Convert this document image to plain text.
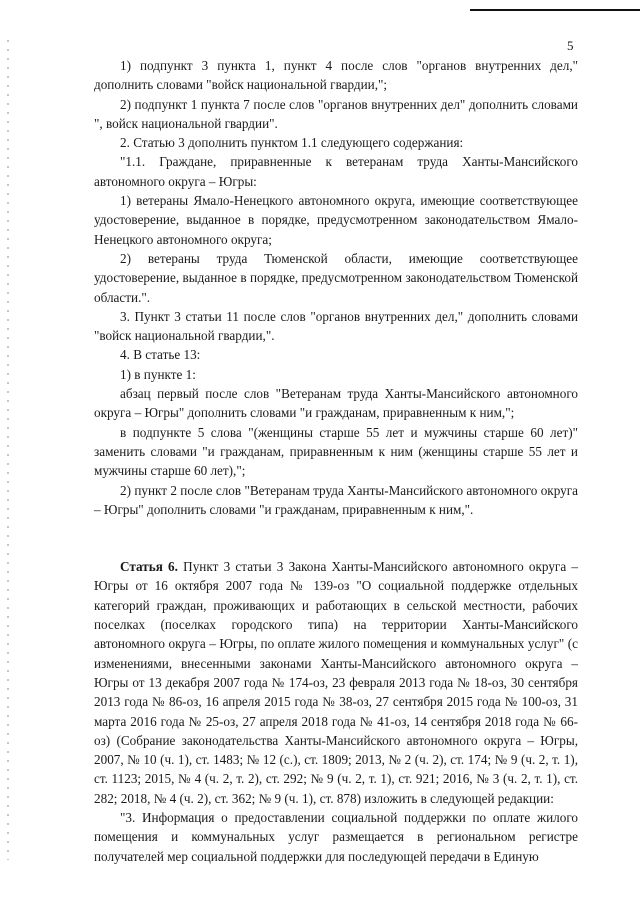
5

1) подпункт 3 пункта 1, пункт 4 после слов "органов внутренних дел," дополнить словами "войск национальной гвардии,";

2) подпункт 1 пункта 7 после слов "органов внутренних дел" дополнить словами ", войск национальной гвардии".

2. Статью 3 дополнить пунктом 1.1 следующего содержания:

"1.1. Граждане, приравненные к ветеранам труда Ханты-Мансийского автономного округа – Югры:

1) ветераны Ямало-Ненецкого автономного округа, имеющие соответствующее удостоверение, выданное в порядке, предусмотренном законодательством Ямало-Ненецкого автономного округа;

2) ветераны труда Тюменской области, имеющие соответствующее удостоверение, выданное в порядке, предусмотренном законодательством Тюменской области.".

3. Пункт 3 статьи 11 после слов "органов внутренних дел," дополнить словами "войск национальной гвардии,".

4. В статье 13:

1) в пункте 1:

абзац первый после слов "Ветеранам труда Ханты-Мансийского автономного округа – Югры" дополнить словами "и гражданам, приравненным к ним,";

в подпункте 5 слова "(женщины старше 55 лет и мужчины старше 60 лет)" заменить словами "и гражданам, приравненным к ним (женщины старше 55 лет и мужчины старше 60 лет),";

2) пункт 2 после слов "Ветеранам труда Ханты-Мансийского автономного округа – Югры" дополнить словами "и гражданам, приравненным к ним,".

Статья 6. Пункт 3 статьи 3 Закона Ханты-Мансийского автономного округа – Югры от 16 октября 2007 года № 139-оз "О социальной поддержке отдельных категорий граждан, проживающих и работающих в сельской местности, рабочих поселках (поселках городского типа) на территории Ханты-Мансийского автономного округа – Югры, по оплате жилого помещения и коммунальных услуг" (с изменениями, внесенными законами Ханты-Мансийского автономного округа – Югры от 13 декабря 2007 года № 174-оз, 23 февраля 2013 года № 18-оз, 30 сентября 2013 года № 86-оз, 16 апреля 2015 года № 38-оз, 27 сентября 2015 года № 100-оз, 31 марта 2016 года № 25-оз, 27 апреля 2018 года № 41-оз, 14 сентября 2018 года № 66-оз) (Собрание законодательства Ханты-Мансийского автономного округа – Югры, 2007, № 10 (ч. 1), ст. 1483; № 12 (с.), ст. 1809; 2013, № 2 (ч. 2), ст. 174; № 9 (ч. 2, т. 1), ст. 1123; 2015, № 4 (ч. 2, т. 2), ст. 292; № 9 (ч. 2, т. 1), ст. 921; 2016, № 3 (ч. 2, т. 1), ст. 282; 2018, № 4 (ч. 2), ст. 362; № 9 (ч. 1), ст. 878) изложить в следующей редакции:

"3. Информация о предоставлении социальной поддержки по оплате жилого помещения и коммунальных услуг размещается в региональном регистре получателей мер социальной поддержки для последующей передачи в Единую
